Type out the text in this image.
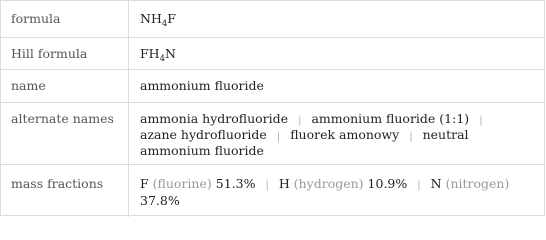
formula	$NH_4F$
Hill formula	$FH_4N$
name	ammonium fluoride
alternate names	ammonia hydrofluoride | ammonium fluoride (1:1) |
azane hydrofluoride | fluorek amonowy | neutral
ammonium fluoride
mass fractions	F (fluorine) 51.3% | H (hydrogen) 10.9% | N (nitrogen)
37.8%
